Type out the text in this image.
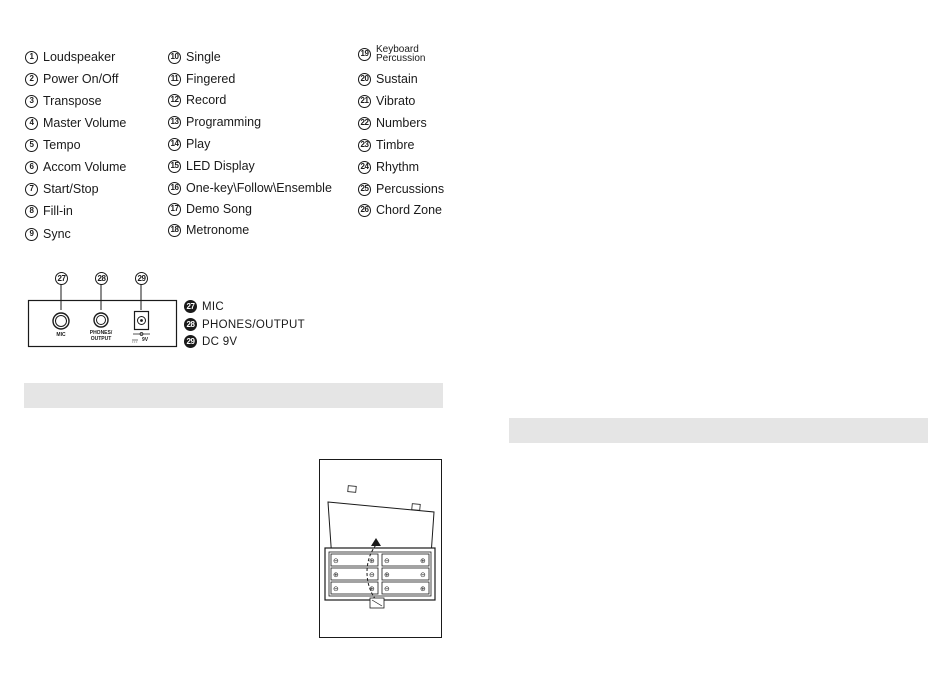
1 Loudspeaker
2 Power On/Off
3 Transpose
4 Master Volume
5 Tempo
6 Accom Volume
7 Start/Stop
8 Fill-in
9 Sync
10 Single
11 Fingered
12 Record
13 Programming
14 Play
15 LED Display
16 One-key\Follow\Ensemble
17 Demo Song
18 Metronome
19 Keyboard
Percussion
20 Sustain
21 Vibrato
22 Numbers
23 Timbre
24 Rhythm
25 Percussions
26 Chord Zone
27	28	29
MIC	PHONES/
OUTPUT	9V
27 MIC
28 PHONES/OUTPUT
29 DC 9V
⊖	⊕ ⊖	⊕
⊕	⊖ ⊕	⊖
⊖	⊕ ⊖	⊕
